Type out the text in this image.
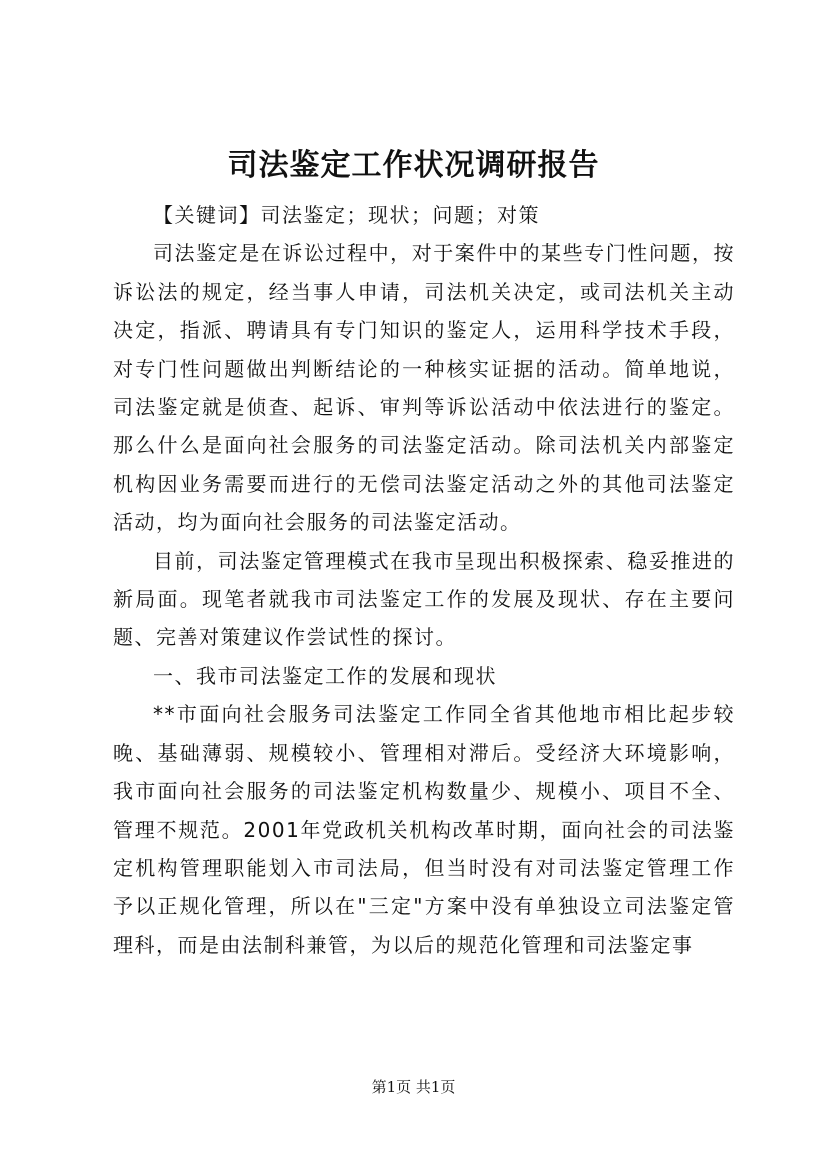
司法鉴定工作状况调研报告

【关键词】司法鉴定；现状；问题；对策

司法鉴定是在诉讼过程中，对于案件中的某些专门性问题，按诉讼法的规定，经当事人申请，司法机关决定，或司法机关主动决定，指派、聘请具有专门知识的鉴定人，运用科学技术手段，对专门性问题做出判断结论的一种核实证据的活动。简单地说，司法鉴定就是侦查、起诉、审判等诉讼活动中依法进行的鉴定。那么什么是面向社会服务的司法鉴定活动。除司法机关内部鉴定机构因业务需要而进行的无偿司法鉴定活动之外的其他司法鉴定活动，均为面向社会服务的司法鉴定活动。

目前，司法鉴定管理模式在我市呈现出积极探索、稳妥推进的新局面。现笔者就我市司法鉴定工作的发展及现状、存在主要问题、完善对策建议作尝试性的探讨。

一、我市司法鉴定工作的发展和现状

**市面向社会服务司法鉴定工作同全省其他地市相比起步较晚、基础薄弱、规模较小、管理相对滞后。受经济大环境影响，我市面向社会服务的司法鉴定机构数量少、规模小、项目不全、管理不规范。2001年党政机关机构改革时期，面向社会的司法鉴定机构管理职能划入市司法局，但当时没有对司法鉴定管理工作予以正规化管理，所以在"三定"方案中没有单独设立司法鉴定管理科，而是由法制科兼管，为以后的规范化管理和司法鉴定事

第1页 共1页
